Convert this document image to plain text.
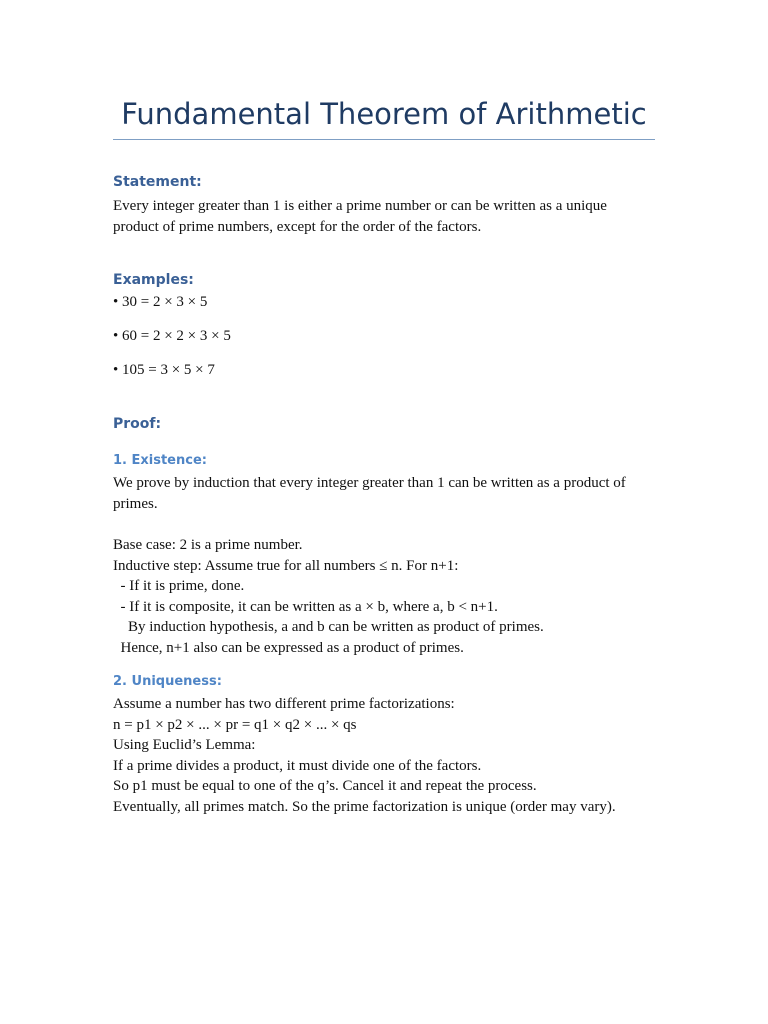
Fundamental Theorem of Arithmetic
Statement:
Every integer greater than 1 is either a prime number or can be written as a unique
product of prime numbers, except for the order of the factors.
Examples:
• 30 = 2 × 3 × 5
• 60 = 2 × 2 × 3 × 5
• 105 = 3 × 5 × 7
Proof:
1. Existence:
We prove by induction that every integer greater than 1 can be written as a product of
primes.
Base case: 2 is a prime number.
Inductive step: Assume true for all numbers ≤ n. For n+1:
- If it is prime, done.
- If it is composite, it can be written as a × b, where a, b < n+1.
By induction hypothesis, a and b can be written as product of primes.
Hence, n+1 also can be expressed as a product of primes.
2. Uniqueness:
Assume a number has two different prime factorizations:
n = p1 × p2 × ... × pr = q1 × q2 × ... × qs
Using Euclid’s Lemma:
If a prime divides a product, it must divide one of the factors.
So p1 must be equal to one of the q’s. Cancel it and repeat the process.
Eventually, all primes match. So the prime factorization is unique (order may vary).
